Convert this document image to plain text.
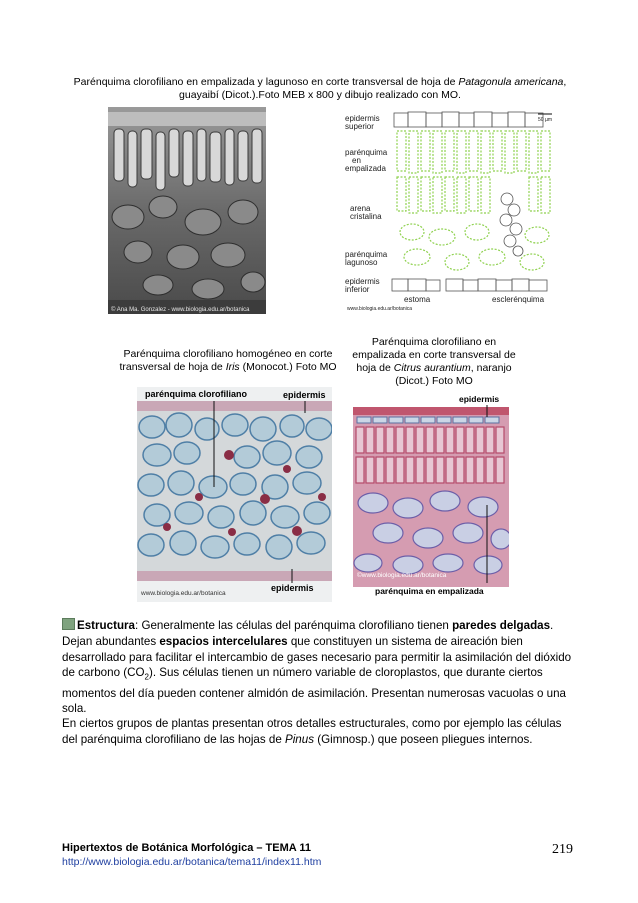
Parénquima clorofiliano en empalizada y lagunoso en corte transversal de hoja de Patagonula americana,
guayaibí (Dicot.).Foto MEB x 800 y dibujo realizado con MO.
© Ana Ma. Gonzalez - www.biologia.edu.ar/botanica
50 µm
epidermis
superior
parénquima
en
empalizada
arena
cristalina
parénquima
lagunoso
epidermis
inferior
estoma	esclerénquima
www.biologia.edu.ar/botanica
Parénquima clorofiliano homogéneo en corte
transversal de hoja de Iris (Monocot.) Foto MO
Parénquima clorofiliano en
empalizada en corte transversal de
hoja de Citrus aurantium, naranjo
(Dicot.) Foto MO
parénquima clorofiliano	epidermis
epidermis
www.biologia.edu.ar/botanica
epidermis
©www.biologia.edu.ar/botanica
parénquima en empalizada
Estructura: Generalmente las células del parénquima clorofiliano tienen paredes delgadas. Dejan abundantes espacios intercelulares que constituyen un sistema de aireación bien desarrollado para facilitar el intercambio de gases necesario para permitir la asimilación del dióxido de carbono $(CO_2)$. Sus células tienen un número variable de cloroplastos, que durante ciertos momentos del día pueden contener almidón de asimilación. Presentan numerosas vacuolas o una sola.
En ciertos grupos de plantas presentan otros detalles estructurales, como por ejemplo las células del parénquima clorofiliano de las hojas de Pinus (Gimnosp.) que poseen pliegues internos.
Hipertextos de Botánica Morfológica – TEMA 11
http://www.biologia.edu.ar/botanica/tema11/index11.htm
219
